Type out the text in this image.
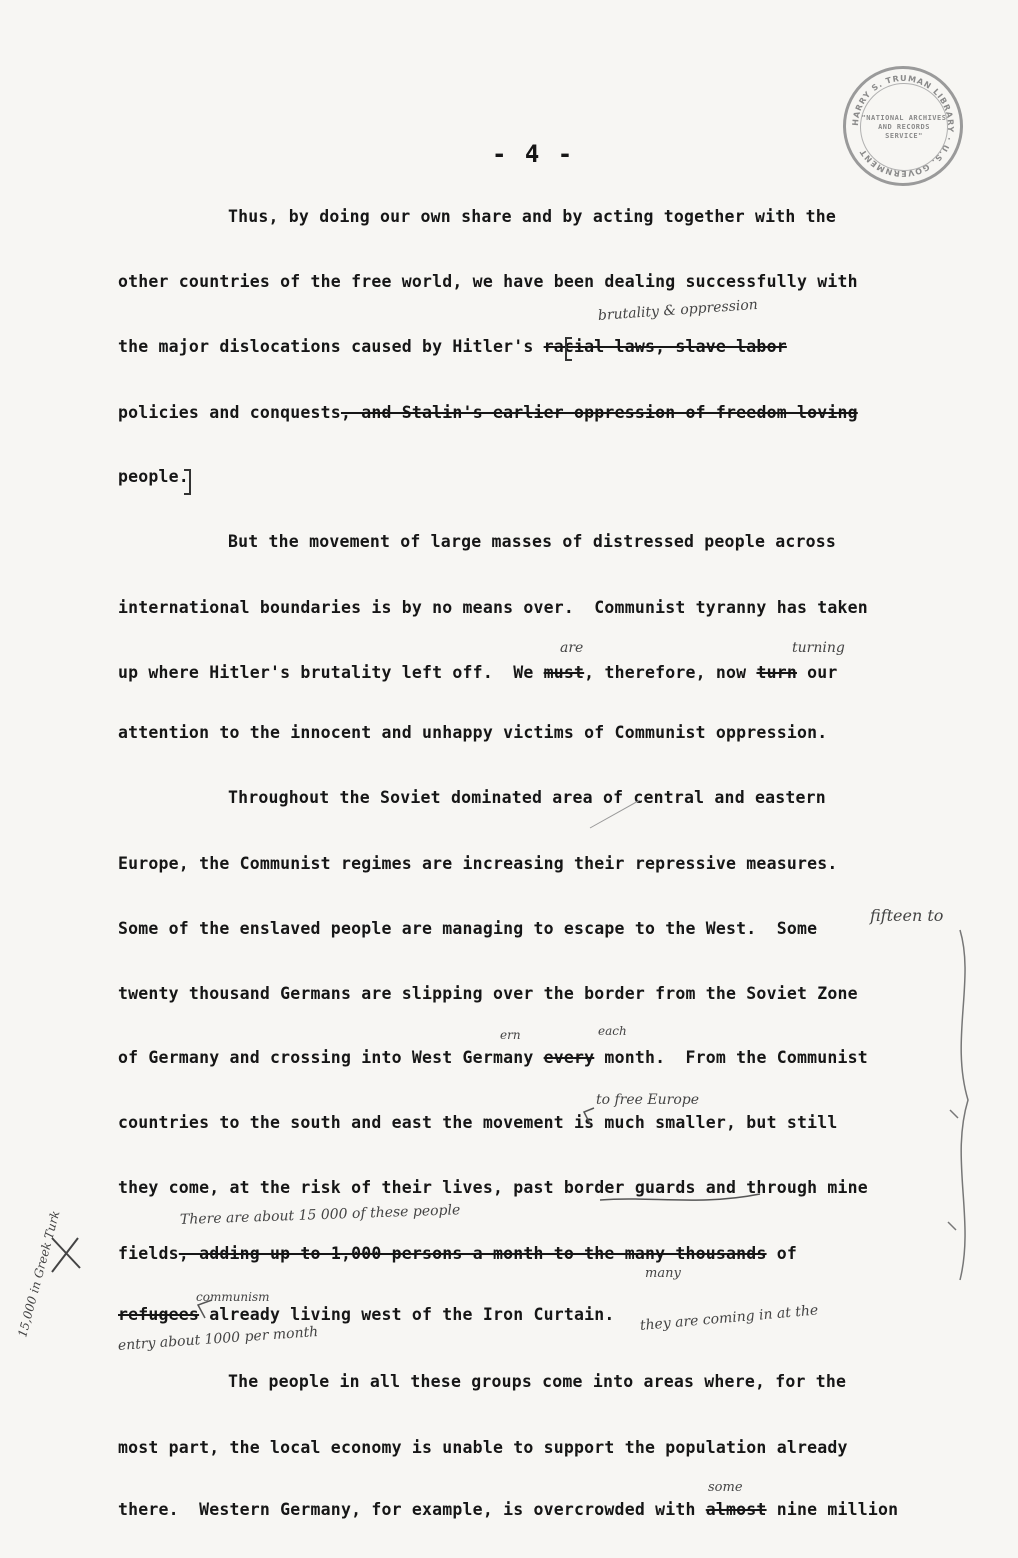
HARRY S. TRUMAN LIBRARY · U.S. GOVERNMENT
"NATIONAL ARCHIVES AND RECORDS SERVICE"
- 4 -
Thus, by doing our own share and by acting together with the
other countries of the free world, we have been dealing successfully with
the major dislocations caused by Hitler's racial laws, slave labor
policies and conquests, and Stalin's earlier oppression of freedom loving
people.
But the movement of large masses of distressed people across
international boundaries is by no means over.  Communist tyranny has taken
up where Hitler's brutality left off.  We must, therefore, now turn our
attention to the innocent and unhappy victims of Communist oppression.
Throughout the Soviet dominated area of central and eastern
Europe, the Communist regimes are increasing their repressive measures.
Some of the enslaved people are managing to escape to the West.  Some
twenty thousand Germans are slipping over the border from the Soviet Zone
of Germany and crossing into West Germany every month.  From the Communist
countries to the south and east the movement is much smaller, but still
they come, at the risk of their lives, past border guards and through mine
fields, adding up to 1,000 persons a month to the many thousands of
refugees already living west of the Iron Curtain.
The people in all these groups come into areas where, for the
most part, the local economy is unable to support the population already
there.  Western Germany, for example, is overcrowded with almost nine million
brutality & oppression
are	turning
fifteen to
ern	each
to free Europe
There are about 15 000 of these people
many
communism
entry about 1000 per month
they are coming in at the
some
15,000 in Greek Turk
